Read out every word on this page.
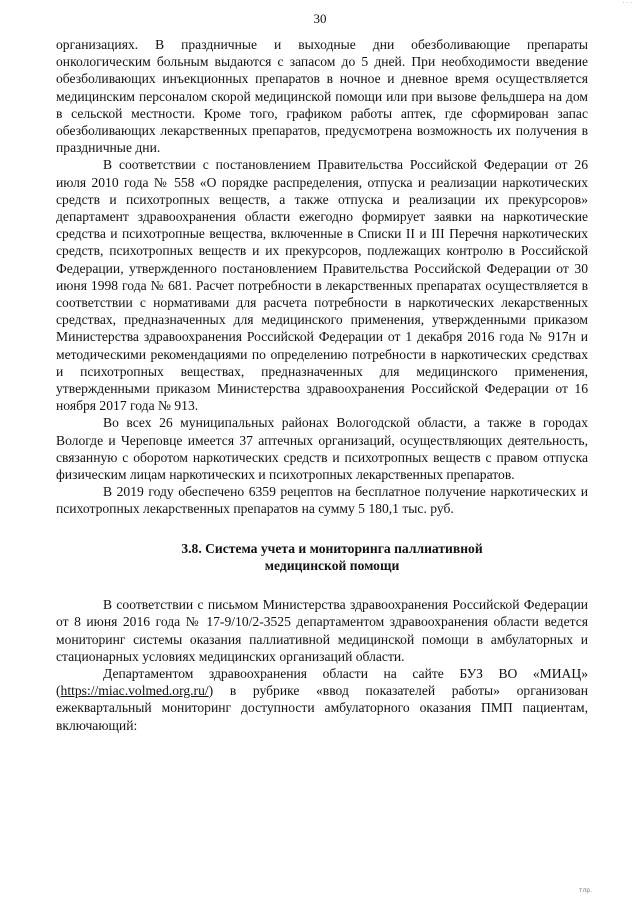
· · ·
30

организациях. В праздничные и выходные дни обезболивающие препараты онкологическим больным выдаются с запасом до 5 дней. При необходимости введение обезболивающих инъекционных препаратов в ночное и дневное время осуществляется медицинским персоналом скорой медицинской помощи или при вызове фельдшера на дом в сельской местности. Кроме того, графиком работы аптек, где сформирован запас обезболивающих лекарственных препаратов, предусмотрена возможность их получения в праздничные дни.

В соответствии с постановлением Правительства Российской Федерации от 26 июля 2010 года № 558 «О порядке распределения, отпуска и реализации наркотических средств и психотропных веществ, а также отпуска и реализации их прекурсоров» департамент здравоохранения области ежегодно формирует заявки на наркотические средства и психотропные вещества, включенные в Списки II и III Перечня наркотических средств, психотропных веществ и их прекурсоров, подлежащих контролю в Российской Федерации, утвержденного постановлением Правительства Российской Федерации от 30 июня 1998 года № 681. Расчет потребности в лекарственных препаратах осуществляется в соответствии с нормативами для расчета потребности в наркотических лекарственных средствах, предназначенных для медицинского применения, утвержденными приказом Министерства здравоохранения Российской Федерации от 1 декабря 2016 года № 917н и методическими рекомендациями по определению потребности в наркотических средствах и психотропных веществах, предназначенных для медицинского применения, утвержденными приказом Министерства здравоохранения Российской Федерации от 16 ноября 2017 года № 913.

Во всех 26 муниципальных районах Вологодской области, а также в городах Вологде и Череповце имеется 37 аптечных организаций, осуществляющих деятельность, связанную с оборотом наркотических средств и психотропных веществ с правом отпуска физическим лицам наркотических и психотропных лекарственных препаратов.

В 2019 году обеспечено 6359 рецептов на бесплатное получение наркотических и психотропных лекарственных препаратов на сумму 5 180,1 тыс. руб.

3.8. Система учета и мониторинга паллиативной
медицинской помощи

В соответствии с письмом Министерства здравоохранения Российской Федерации от 8 июня 2016 года № 17-9/10/2-3525 департаментом здравоохранения области ведется мониторинг системы оказания паллиативной медицинской помощи в амбулаторных и стационарных условиях медицинских организаций области.

Департаментом здравоохранения области на сайте БУЗ ВО «МИАЦ» (https://miac.volmed.org.ru/) в рубрике «ввод показателей работы» организован ежеквартальный мониторинг доступности амбулаторного оказания ПМП пациентам, включающий:

тлр.
